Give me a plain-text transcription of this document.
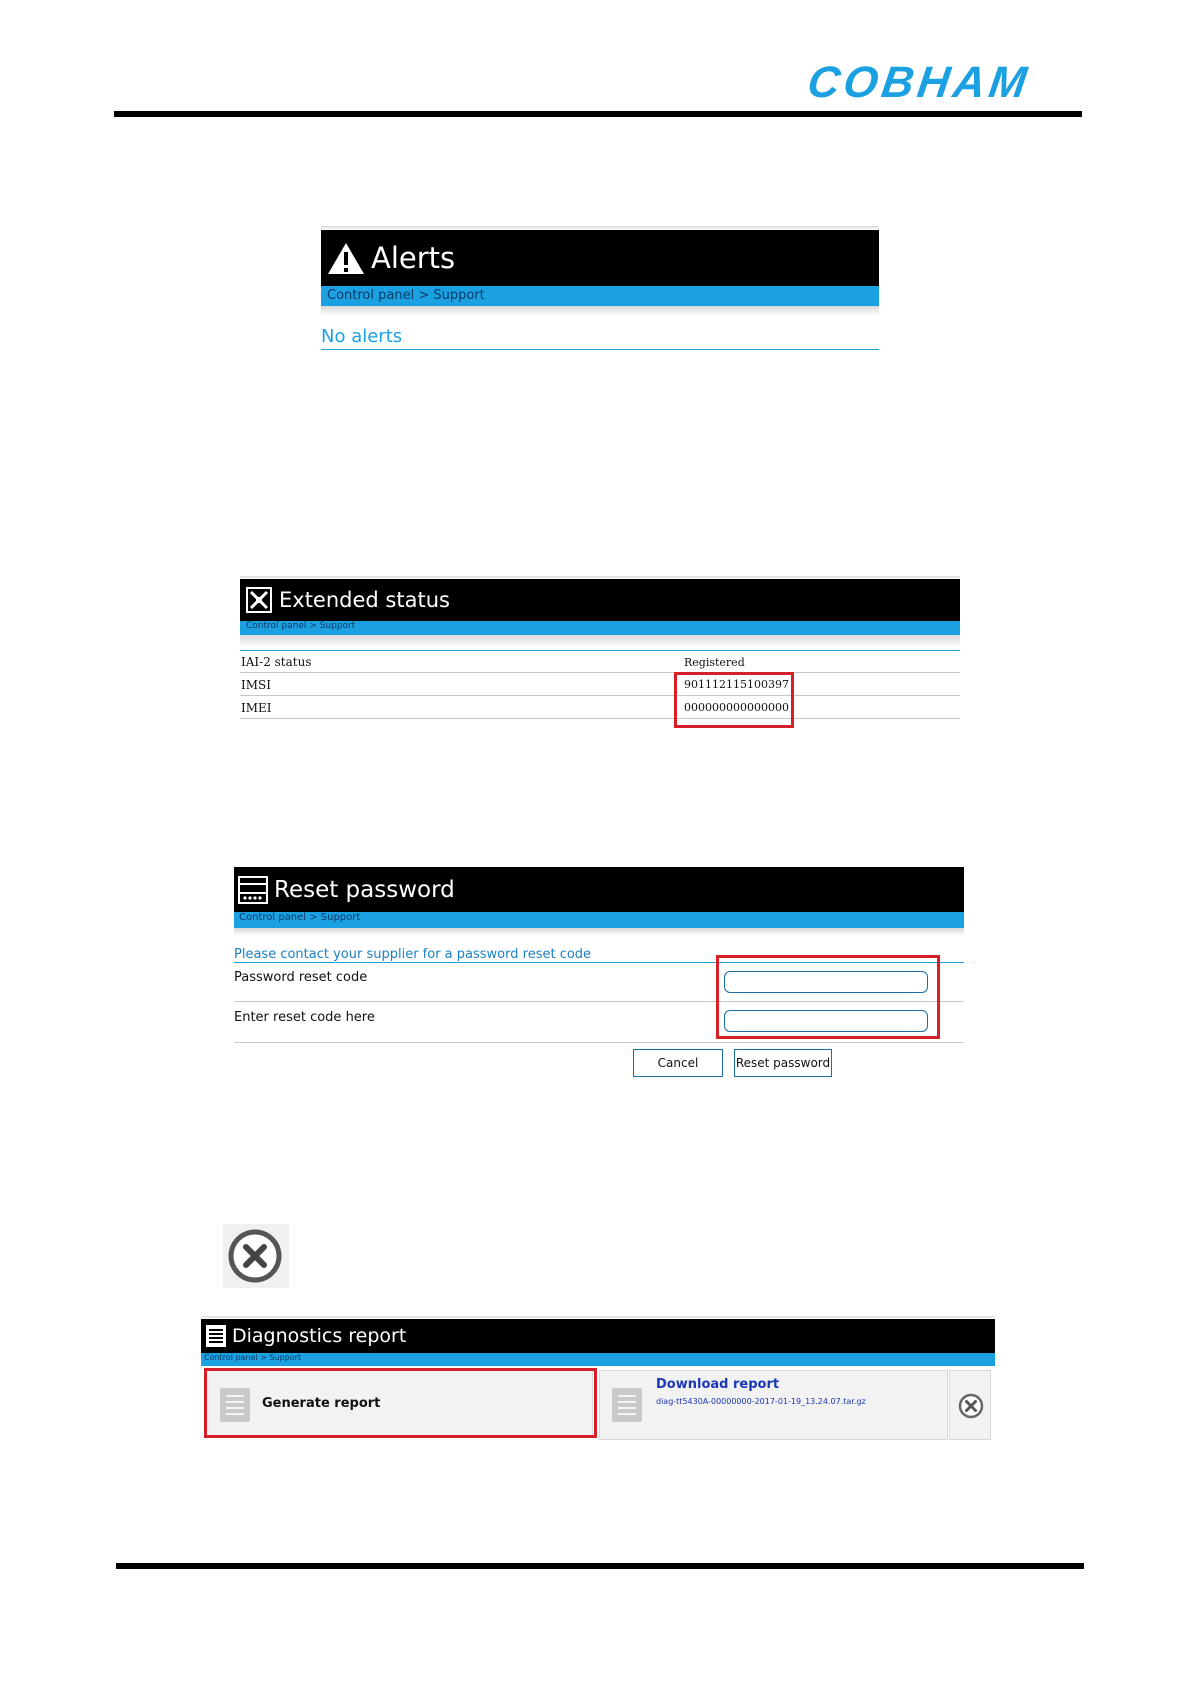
COBHAM
Alerts
Control panel > Support
No alerts
Extended status
Control panel > Support
IAI-2 status	Registered
IMSI	901112115100397
IMEI	000000000000000
Reset password
Control panel > Support
Please contact your supplier for a password reset code
Password reset code
Enter reset code here
Cancel	Reset password
Diagnostics report
Control panel > Support
Generate report
Download report
diag-tt5430A-00000000-2017-01-19_13.24.07.tar.gz
